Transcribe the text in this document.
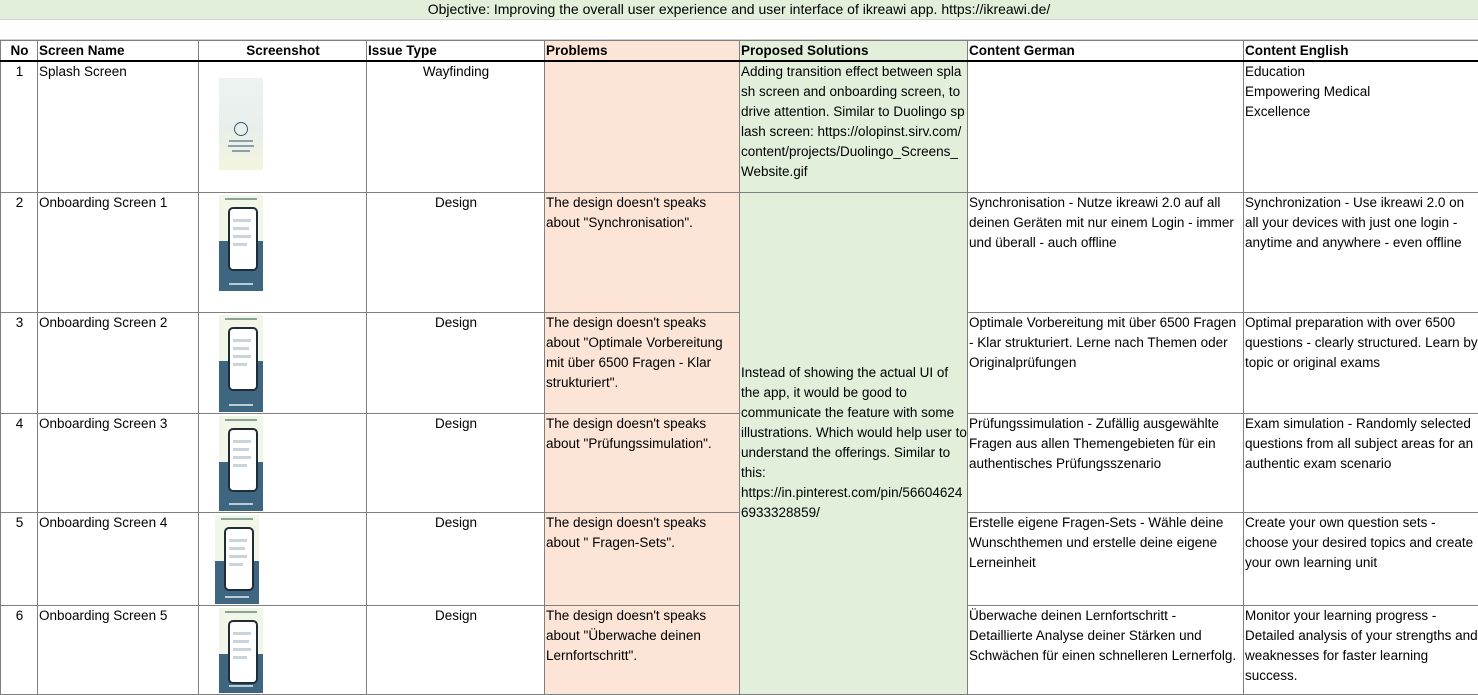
Objective: Improving the overall user experience and user interface of ikreawi app. https://ikreawi.de/
No	Screen Name	Screenshot	Issue Type	Problems	Proposed Solutions	Content German	Content English
1	Splash Screen		Wayfinding		Adding transition effect between splash screen and onboarding screen, to drive attention. Similar to Duolingo splash screen: https://olopinst.sirv.com/content/projects/Duolingo_Screens_Website.gif		Education
Empowering Medical
Excellence
2	Onboarding Screen 1		Design	The design doesn't speaks about "Synchronisation".	Instead of showing the actual UI of the app, it would be good to communicate the feature with some illustrations. Which would help user to understand the offerings. Similar to this: https://in.pinterest.com/pin/566046246933328859/	Synchronisation - Nutze ikreawi 2.0 auf all deinen Geräten mit nur einem Login - immer und überall - auch offline	Synchronization - Use ikreawi 2.0 on all your devices with just one login - anytime and anywhere - even offline
3	Onboarding Screen 2		Design	The design doesn't speaks about "Optimale Vorbereitung mit über 6500 Fragen - Klar strukturiert".		Optimale Vorbereitung mit über 6500 Fragen - Klar strukturiert. Lerne nach Themen oder Originalprüfungen	Optimal preparation with over 6500 questions - clearly structured. Learn by topic or original exams
4	Onboarding Screen 3		Design	The design doesn't speaks about "Prüfungssimulation".		Prüfungssimulation - Zufällig ausgewählte Fragen aus allen Themengebieten für ein authentisches Prüfungsszenario	Exam simulation - Randomly selected questions from all subject areas for an authentic exam scenario
5	Onboarding Screen 4		Design	The design doesn't speaks about " Fragen-Sets".		Erstelle eigene Fragen-Sets - Wähle deine Wunschthemen und erstelle deine eigene Lerneinheit	Create your own question sets - choose your desired topics and create your own learning unit
6	Onboarding Screen 5		Design	The design doesn't speaks about "Überwache deinen Lernfortschritt".		Überwache deinen Lernfortschritt - Detaillierte Analyse deiner Stärken und Schwächen für einen schnelleren Lernerfolg.	Monitor your learning progress - Detailed analysis of your strengths and weaknesses for faster learning success.
